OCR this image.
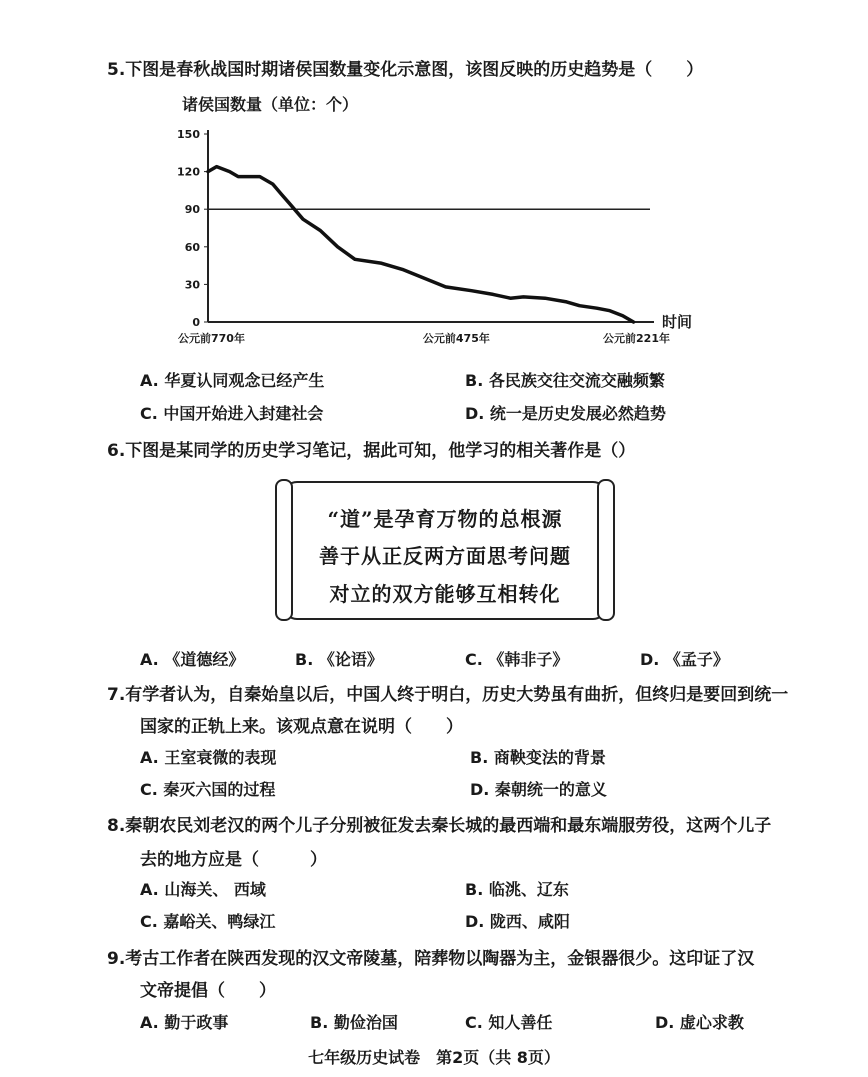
5.下图是春秋战国时期诸侯国数量变化示意图，该图反映的历史趋势是（　　）
诸侯国数量（单位：个）
0
30
60
90
120
150
公元前770年	公元前475年	公元前221年
时间
A. 华夏认同观念已经产生	B. 各民族交往交流交融频繁
C. 中国开始进入封建社会	D. 统一是历史发展必然趋势
6.下图是某同学的历史学习笔记，据此可知，他学习的相关著作是（）
“道”是孕育万物的总根源
善于从正反两方面思考问题
对立的双方能够互相转化
A. 《道德经》	B. 《论语》	C. 《韩非子》	D. 《孟子》
7.有学者认为，自秦始皇以后，中国人终于明白，历史大势虽有曲折，但终归是要回到统一
国家的正轨上来。该观点意在说明（　　）
A. 王室衰微的表现	B. 商鞅变法的背景
C. 秦灭六国的过程	D. 秦朝统一的意义
8.秦朝农民刘老汉的两个儿子分别被征发去秦长城的最西端和最东端服劳役，这两个儿子
去的地方应是（　　　）
A. 山海关、 西域	B. 临洮、辽东
C. 嘉峪关、鸭绿江	D. 陇西、咸阳
9.考古工作者在陕西发现的汉文帝陵墓，陪葬物以陶器为主，金银器很少。这印证了汉
文帝提倡（　　）
A. 勤于政事	B. 勤俭治国	C. 知人善任	D. 虚心求教
七年级历史试卷　第2页（共 8页）
